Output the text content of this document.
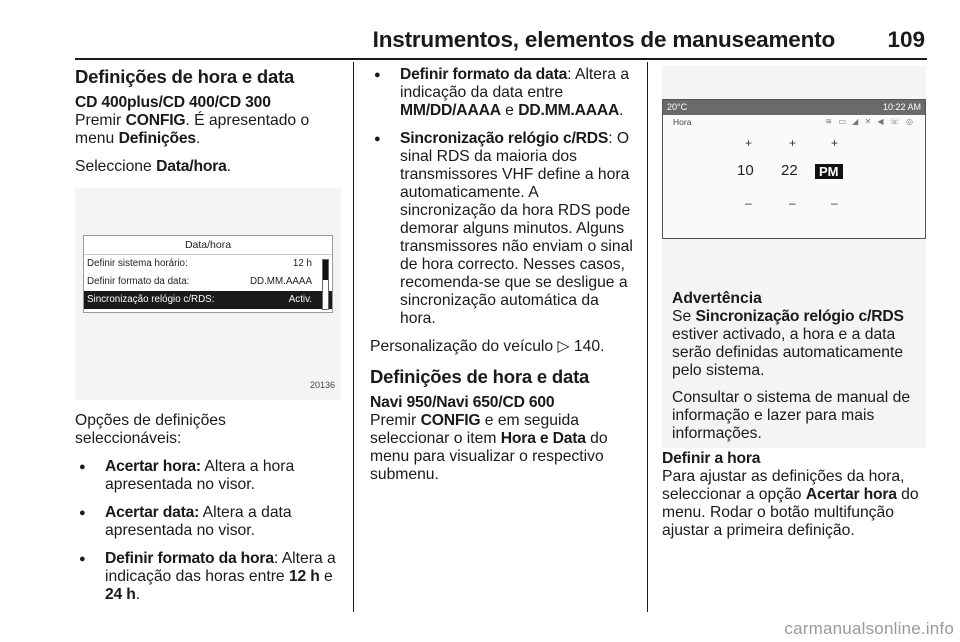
Instrumentos, elementos de manuseamento 109
Definições de hora e data
CD 400plus/CD 400/CD 300

Premir CONFIG. É apresentado o menu Definições.

Seleccione Data/hora.

Data/hora
Definir sistema horário:	12 h
Definir formato da data:	DD.MM.AAAA
Sincronização relógio c/RDS:	Activ.
20136

Opções de definições seleccionáveis:

● Acertar hora: Altera a hora apresentada no visor.
● Acertar data: Altera a data apresentada no visor.
● Definir formato da hora: Altera a indicação das horas entre 12 h e 24 h.
● Definir formato da data: Altera a indicação da data entre MM/DD/AAAA e DD.MM.AAAA.
● Sincronização relógio c/RDS: O sinal RDS da maioria dos transmissores VHF define a hora automaticamente. A sincronização da hora RDS pode demorar alguns minutos. Alguns transmissores não enviam o sinal de hora correcto. Nesses casos, recomenda-se que se desligue a sincronização automática da hora.

Personalização do veículo ▷ 140.

Definições de hora e data
Navi 950/Navi 650/CD 600

Premir CONFIG e em seguida seleccionar o item Hora e Data do menu para visualizar o respectivo submenu.

20°C	10:22 AM
Hora	≋ ▭ ◢ ✕ ◀ ☏ ◎
+	+	+
10 22	PM
–	–	–
Advertência

Se Sincronização relógio c/RDS estiver activado, a hora e a data serão definidas automaticamente pelo sistema.

Consultar o sistema de manual de informação e lazer para mais informações.

Definir a hora

Para ajustar as definições da hora, seleccionar a opção Acertar hora do menu. Rodar o botão multifunção ajustar a primeira definição.

carmanualsonline.info
